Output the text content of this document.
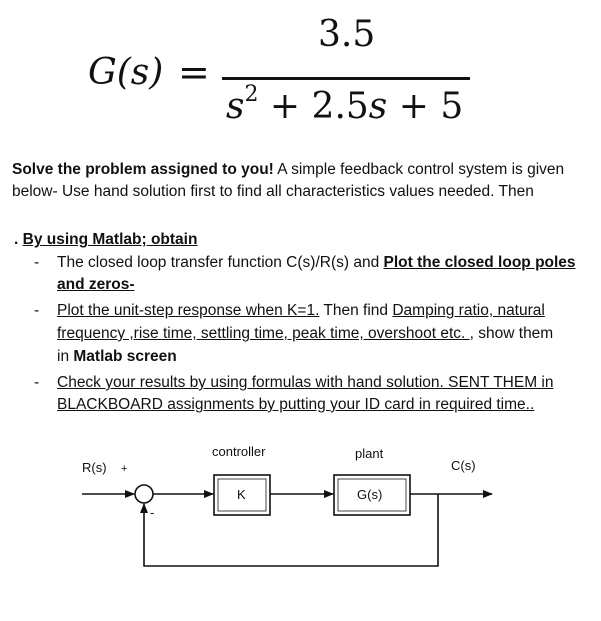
G(s) =
3.5
$s^2 + 2.5s + 5$
Solve the problem assigned to you! A simple feedback control system is given
below- Use hand solution first to find all characteristics values needed. Then
. By using Matlab; obtain
- The closed loop transfer function C(s)/R(s) and Plot the closed loop poles
and zeros-
- Plot the unit-step response when K=1. Then find Damping ratio, natural
frequency ,rise time, settling time, peak time, overshoot etc. , show them
in Matlab screen
- Check your results by using formulas with hand solution. SENT THEM in
BLACKBOARD assignments by putting your ID card in required time..
R(s) +
-
controller
K
plant
G(s)
C(s)
